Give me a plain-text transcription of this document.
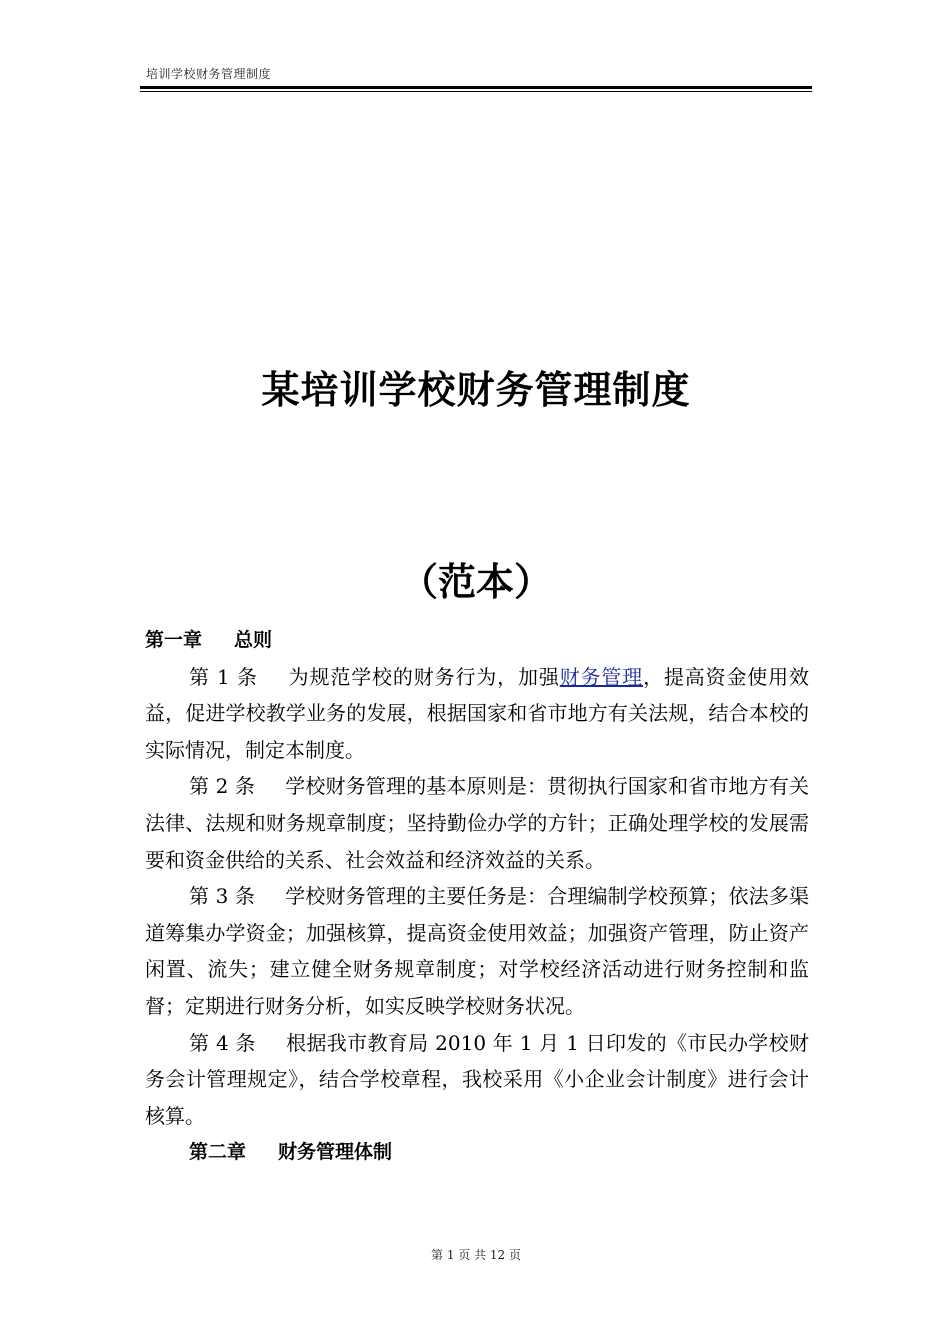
培训学校财务管理制度
某培训学校财务管理制度
（范本）
第一章 总则

第 1 条 为规范学校的财务行为，加强财务管理，提高资金使用效益，促进学校教学业务的发展，根据国家和省市地方有关法规，结合本校的实际情况，制定本制度。

第 2 条 学校财务管理的基本原则是：贯彻执行国家和省市地方有关法律、法规和财务规章制度；坚持勤俭办学的方针；正确处理学校的发展需要和资金供给的关系、社会效益和经济效益的关系。

第 3 条 学校财务管理的主要任务是：合理编制学校预算；依法多渠道筹集办学资金；加强核算，提高资金使用效益；加强资产管理，防止资产闲置、流失；建立健全财务规章制度；对学校经济活动进行财务控制和监督；定期进行财务分析，如实反映学校财务状况。

第 4 条 根据我市教育局 2010 年 1 月 1 日印发的《市民办学校财务会计管理规定》，结合学校章程，我校采用《小企业会计制度》进行会计核算。

第二章 财务管理体制
第 1 页 共 12 页
